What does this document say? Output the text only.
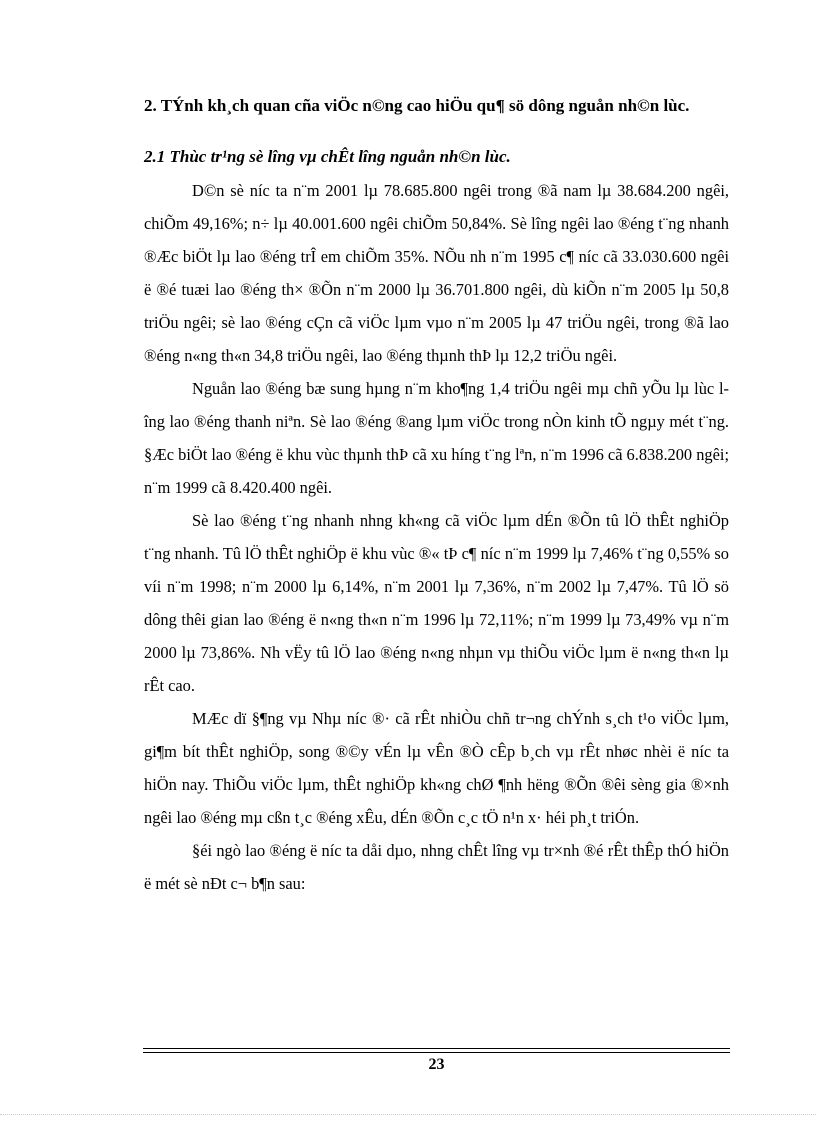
2. TÝnh kh¸ch quan cña viÖc n©ng cao hiÖu qu¶ sö dông nguån nh©n lùc.

2.1 Thùc tr¹ng sè lîng vµ chÊt lîng nguån nh©n lùc.

D©n sè níc ta n¨m 2001 lµ 78.685.800 ngêi trong ®ã nam lµ 38.684.200 ngêi, chiÕm 49,16%; n÷ lµ 40.001.600 ngêi chiÕm 50,84%. Sè lîng ngêi lao ®éng t¨ng nhanh ®Æc biÖt lµ lao ®éng trÎ em chiÕm 35%. NÕu nh n¨m 1995 c¶ níc cã 33.030.600 ngêi ë ®é tuæi lao ®éng th× ®Õn n¨m 2000 lµ 36.701.800 ngêi, dù kiÕn n¨m 2005 lµ 50,8 triÖu ngêi; sè lao ®éng cÇn cã viÖc lµm vµo n¨m 2005 lµ 47 triÖu ngêi, trong ®ã lao ®éng n«ng th«n 34,8 triÖu ngêi, lao ®éng thµnh thÞ lµ 12,2 triÖu ngêi.

Nguån lao ®éng bæ sung hµng n¨m kho¶ng 1,4 triÖu ngêi mµ chñ yÕu lµ lùc lîng lao ®éng thanh niªn. Sè lao ®éng ®ang lµm viÖc trong nÒn kinh tÕ ngµy mét t¨ng. §Æc biÖt lao ®éng ë khu vùc thµnh thÞ cã xu híng t¨ng lªn, n¨m 1996 cã 6.838.200 ngêi; n¨m 1999 cã 8.420.400 ngêi.

Sè lao ®éng t¨ng nhanh nhng kh«ng cã viÖc lµm dÉn ®Õn tû lÖ thÊt nghiÖp t¨ng nhanh. Tû lÖ thÊt nghiÖp ë khu vùc ®« tÞ c¶ níc n¨m 1999 lµ 7,46% t¨ng 0,55% so víi n¨m 1998; n¨m 2000 lµ 6,14%, n¨m 2001 lµ 7,36%, n¨m 2002 lµ 7,47%. Tû lÖ sö dông thêi gian lao ®éng ë n«ng th«n n¨m 1996 lµ 72,11%; n¨m 1999 lµ 73,49% vµ n¨m 2000 lµ 73,86%. Nh vËy tû lÖ lao ®éng n«ng nhµn vµ thiÕu viÖc lµm ë n«ng th«n lµ rÊt cao.

MÆc dï §¶ng vµ Nhµ níc ®· cã rÊt nhiÒu chñ tr¬ng chÝnh s¸ch t¹o viÖc lµm, gi¶m bít thÊt nghiÖp, song ®©y vÉn lµ vÊn ®Ò cÊp b¸ch vµ rÊt nhøc nhèi ë níc ta hiÖn nay. ThiÕu viÖc lµm, thÊt nghiÖp kh«ng chØ ¶nh hëng ®Õn ®êi sèng gia ®×nh ngêi lao ®éng mµ cßn t¸c ®éng xÊu, dÉn ®Õn c¸c tÖ n¹n x· héi ph¸t triÓn.

§éi ngò lao ®éng ë níc ta dåi dµo, nhng chÊt lîng vµ tr×nh ®é rÊt thÊp thÓ hiÖn ë mét sè nÐt c¬ b¶n sau:

23
